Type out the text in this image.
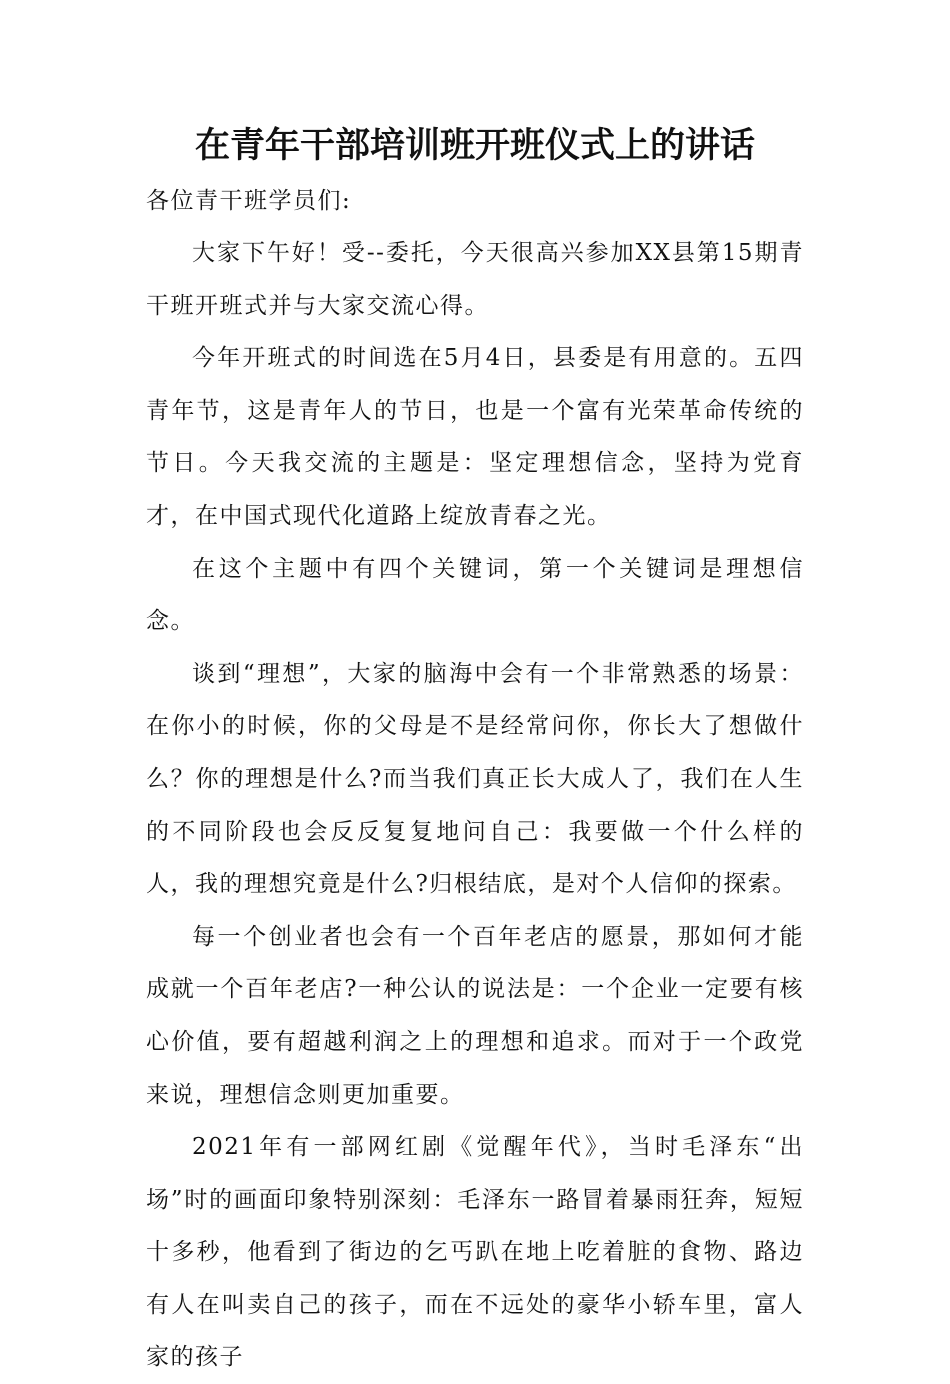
在青年干部培训班开班仪式上的讲话

各位青干班学员们:

大家下午好！受--委托，今天很高兴参加XX县第15期青干班开班式并与大家交流心得。

今年开班式的时间选在5月4日，县委是有用意的。五四青年节，这是青年人的节日，也是一个富有光荣革命传统的节日。今天我交流的主题是：坚定理想信念，坚持为党育才，在中国式现代化道路上绽放青春之光。

在这个主题中有四个关键词，第一个关键词是理想信念。

谈到“理想”，大家的脑海中会有一个非常熟悉的场景：在你小的时候，你的父母是不是经常问你，你长大了想做什么？你的理想是什么?而当我们真正长大成人了，我们在人生的不同阶段也会反反复复地问自己：我要做一个什么样的人，我的理想究竟是什么?归根结底，是对个人信仰的探索。

每一个创业者也会有一个百年老店的愿景，那如何才能成就一个百年老店?一种公认的说法是：一个企业一定要有核心价值，要有超越利润之上的理想和追求。而对于一个政党来说，理想信念则更加重要。

2021年有一部网红剧《觉醒年代》，当时毛泽东“出场”时的画面印象特别深刻：毛泽东一路冒着暴雨狂奔，短短十多秒，他看到了街边的乞丐趴在地上吃着脏的食物、路边有人在叫卖自己的孩子，而在不远处的豪华小轿车里，富人家的孩子
